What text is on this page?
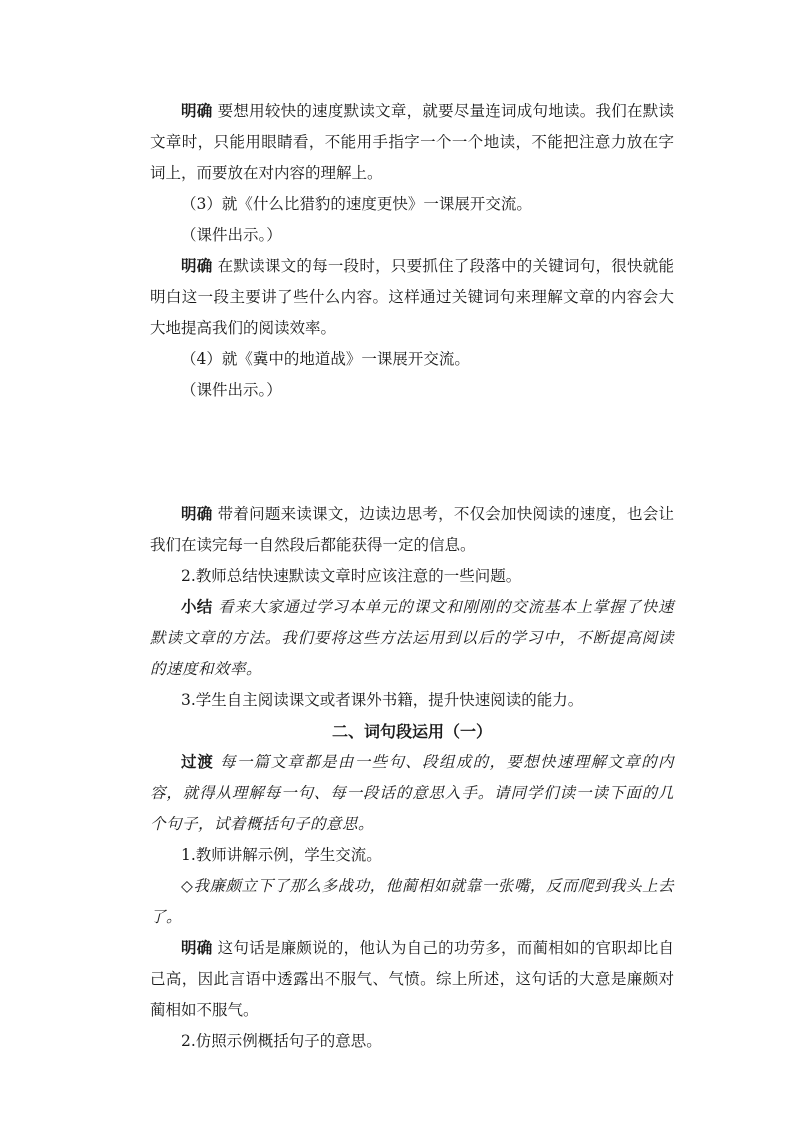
明确 要想用较快的速度默读文章，就要尽量连词成句地读。我们在默读文章时，只能用眼睛看，不能用手指字一个一个地读，不能把注意力放在字词上，而要放在对内容的理解上。

（3）就《什么比猎豹的速度更快》一课展开交流。

（课件出示。）

明确 在默读课文的每一段时，只要抓住了段落中的关键词句，很快就能明白这一段主要讲了些什么内容。这样通过关键词句来理解文章的内容会大大地提高我们的阅读效率。

（4）就《冀中的地道战》一课展开交流。

（课件出示。）

明确 带着问题来读课文，边读边思考，不仅会加快阅读的速度，也会让我们在读完每一自然段后都能获得一定的信息。

2.教师总结快速默读文章时应该注意的一些问题。

小结 看来大家通过学习本单元的课文和刚刚的交流基本上掌握了快速默读文章的方法。我们要将这些方法运用到以后的学习中，不断提高阅读的速度和效率。

3.学生自主阅读课文或者课外书籍，提升快速阅读的能力。

二、词句段运用（一）

过渡 每一篇文章都是由一些句、段组成的，要想快速理解文章的内容，就得从理解每一句、每一段话的意思入手。请同学们读一读下面的几个句子，试着概括句子的意思。

1.教师讲解示例，学生交流。

◇我廉颇立下了那么多战功，他蔺相如就靠一张嘴，反而爬到我头上去了。

明确 这句话是廉颇说的，他认为自己的功劳多，而蔺相如的官职却比自己高，因此言语中透露出不服气、气愤。综上所述，这句话的大意是廉颇对蔺相如不服气。

2.仿照示例概括句子的意思。
